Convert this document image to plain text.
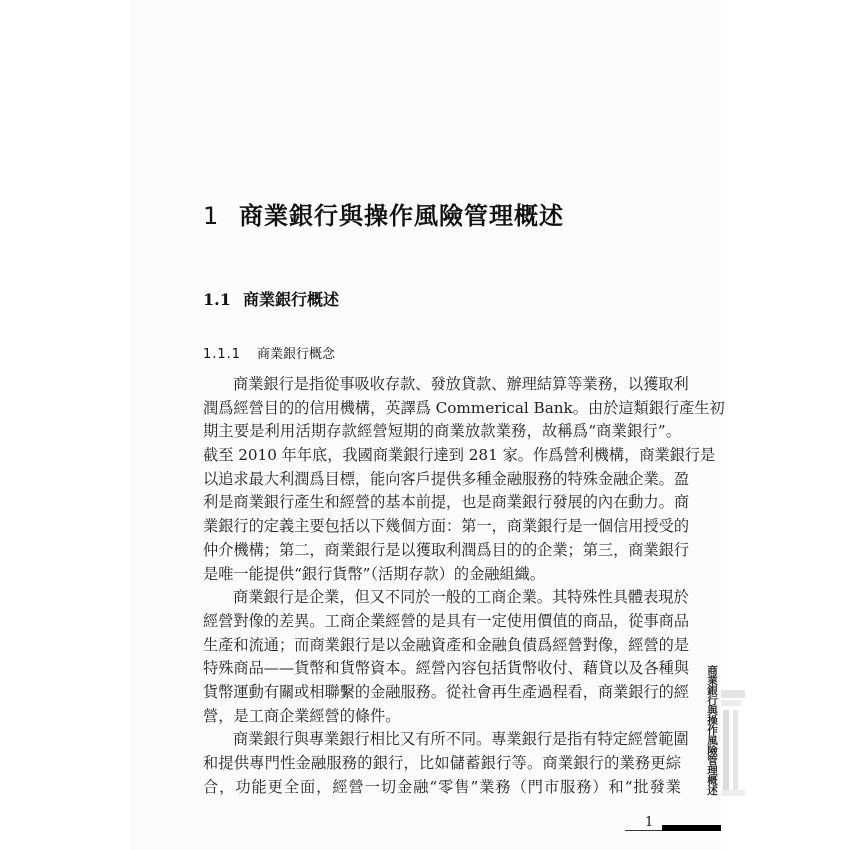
1 商業銀行與操作風險管理概述
1.1 商業銀行概述
1.1.1 商業銀行概念
商業銀行是指從事吸收存款、發放貸款、辦理結算等業務，以獲取利
潤爲經營目的的信用機構，英譯爲 Commerical Bank。由於這類銀行產生初
期主要是利用活期存款經營短期的商業放款業務，故稱爲“商業銀行”。
截至 2010 年年底，我國商業銀行達到 281 家。作爲營利機構，商業銀行是
以追求最大利潤爲目標，能向客戶提供多種金融服務的特殊金融企業。盈
利是商業銀行產生和經營的基本前提，也是商業銀行發展的內在動力。商
業銀行的定義主要包括以下幾個方面：第一，商業銀行是一個信用授受的
仲介機構；第二，商業銀行是以獲取利潤爲目的的企業；第三，商業銀行
是唯一能提供“銀行貨幣”（活期存款）的金融組織。
商業銀行是企業，但又不同於一般的工商企業。其特殊性具體表現於
經營對像的差異。工商企業經營的是具有一定使用價值的商品，從事商品
生產和流通；而商業銀行是以金融資產和金融負債爲經營對像，經營的是
特殊商品——貨幣和貨幣資本。經營內容包括貨幣收付、藉貸以及各種與
貨幣運動有關或相聯繫的金融服務。從社會再生產過程看，商業銀行的經
營，是工商企業經營的條件。
商業銀行與專業銀行相比又有所不同。專業銀行是指有特定經營範圍
和提供專門性金融服務的銀行，比如儲蓄銀行等。商業銀行的業務更綜
合，功能更全面，經營一切金融“零售”業務（門市服務）和“批發業 商業銀行與操作風險管理概述
1
